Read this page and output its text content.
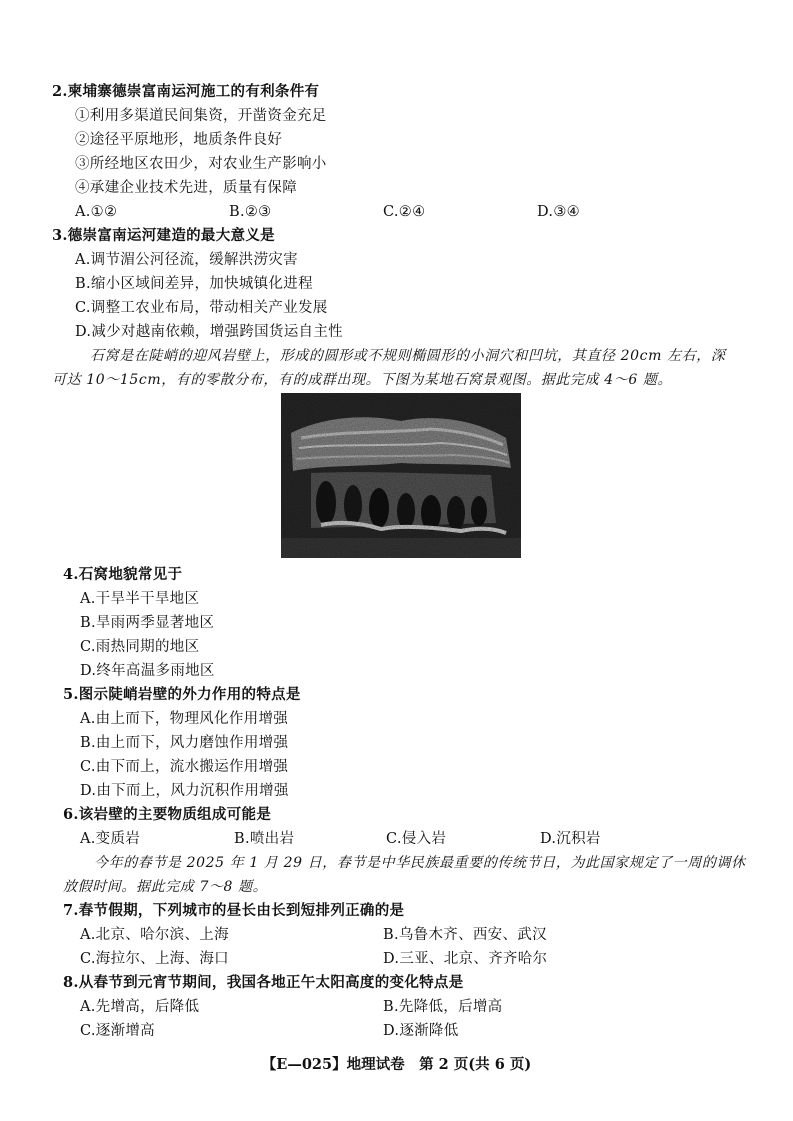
2.柬埔寨德崇富南运河施工的有利条件有
①利用多渠道民间集资，开凿资金充足
②途径平原地形，地质条件良好
③所经地区农田少，对农业生产影响小
④承建企业技术先进，质量有保障
A.①②	B.②③	C.②④	D.③④
3.德崇富南运河建造的最大意义是
A.调节湄公河径流，缓解洪涝灾害
B.缩小区域间差异，加快城镇化进程
C.调整工农业布局，带动相关产业发展
D.减少对越南依赖，增强跨国货运自主性
石窝是在陡峭的迎风岩壁上，形成的圆形或不规则椭圆形的小洞穴和凹坑，其直径 20cm 左右，深
可达 10～15cm，有的零散分布，有的成群出现。下图为某地石窝景观图。据此完成 4～6 题。
4.石窝地貌常见于
A.干旱半干旱地区
B.旱雨两季显著地区
C.雨热同期的地区
D.终年高温多雨地区
5.图示陡峭岩壁的外力作用的特点是
A.由上而下，物理风化作用增强
B.由上而下，风力磨蚀作用增强
C.由下而上，流水搬运作用增强
D.由下而上，风力沉积作用增强
6.该岩壁的主要物质组成可能是
A.变质岩	B.喷出岩	C.侵入岩	D.沉积岩
今年的春节是 2025 年 1 月 29 日，春节是中华民族最重要的传统节日，为此国家规定了一周的调休
放假时间。据此完成 7～8 题。
7.春节假期，下列城市的昼长由长到短排列正确的是
A.北京、哈尔滨、上海	B.乌鲁木齐、西安、武汉
C.海拉尔、上海、海口	D.三亚、北京、齐齐哈尔
8.从春节到元宵节期间，我国各地正午太阳高度的变化特点是
A.先增高，后降低	B.先降低，后增高
C.逐渐增高	D.逐渐降低
【E—025】地理试卷　第 2 页(共 6 页)
